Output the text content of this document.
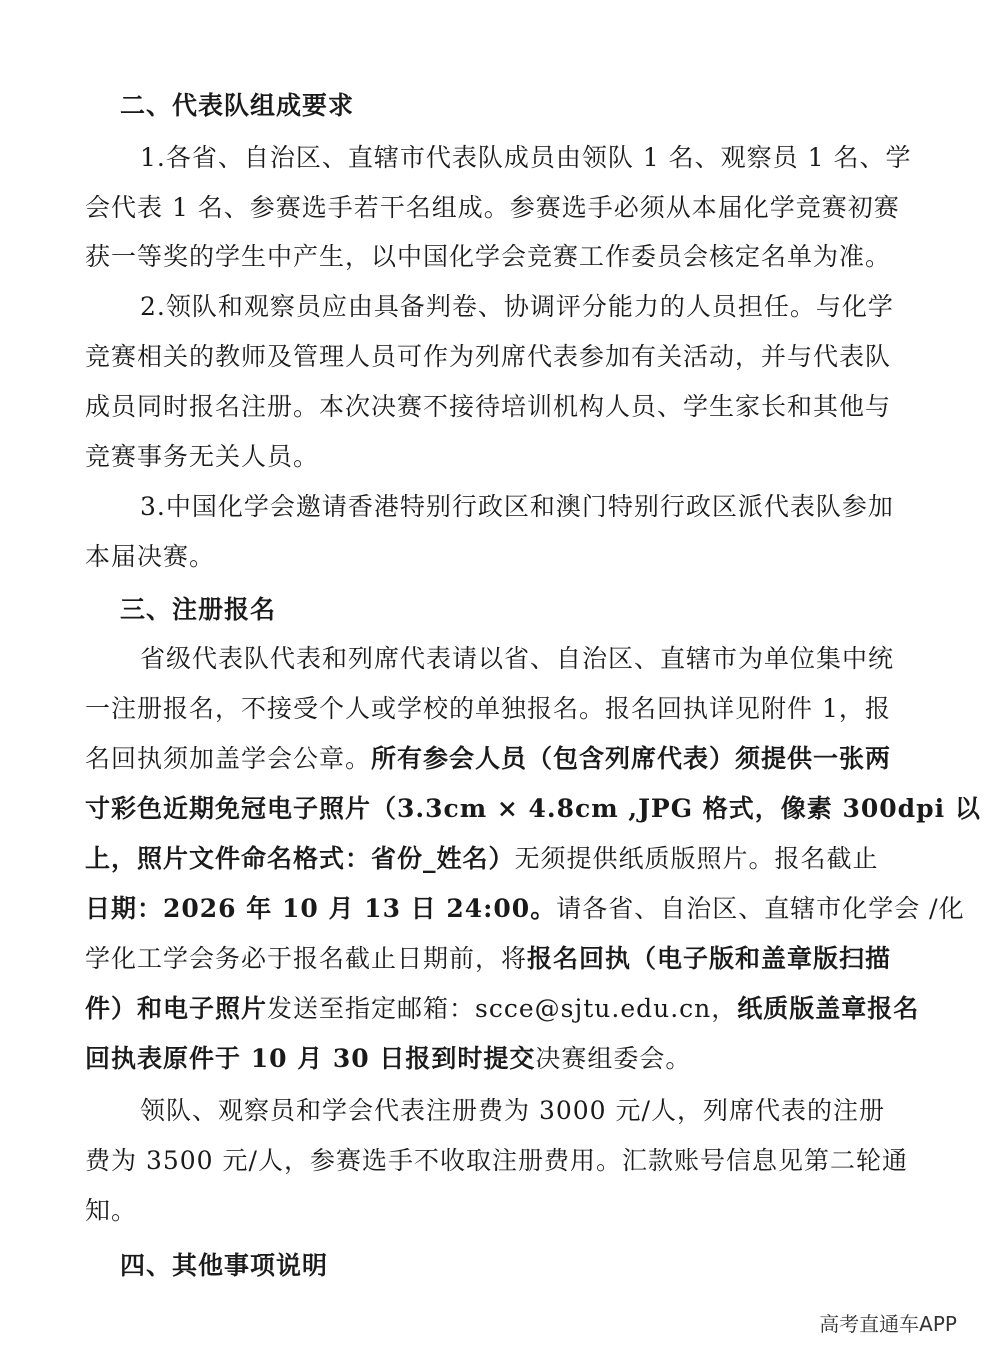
二、代表队组成要求
1.各省、自治区、直辖市代表队成员由领队 1 名、观察员 1 名、学
会代表 1 名、参赛选手若干名组成。参赛选手必须从本届化学竞赛初赛
获一等奖的学生中产生，以中国化学会竞赛工作委员会核定名单为准。
2.领队和观察员应由具备判卷、协调评分能力的人员担任。与化学
竞赛相关的教师及管理人员可作为列席代表参加有关活动，并与代表队
成员同时报名注册。本次决赛不接待培训机构人员、学生家长和其他与
竞赛事务无关人员。
3.中国化学会邀请香港特别行政区和澳门特别行政区派代表队参加
本届决赛。
三、注册报名
省级代表队代表和列席代表请以省、自治区、直辖市为单位集中统
一注册报名，不接受个人或学校的单独报名。报名回执详见附件 1，报
名回执须加盖学会公章。所有参会人员（包含列席代表）须提供一张两
寸彩色近期免冠电子照片（3.3cm × 4.8cm ,JPG 格式，像素 300dpi 以
上，照片文件命名格式：省份_姓名）无须提供纸质版照片。报名截止
日期：2026 年 10 月 13 日 24:00。请各省、自治区、直辖市化学会 /化
学化工学会务必于报名截止日期前，将报名回执（电子版和盖章版扫描
件）和电子照片发送至指定邮箱：scce@sjtu.edu.cn，纸质版盖章报名
回执表原件于 10 月 30 日报到时提交决赛组委会。
领队、观察员和学会代表注册费为 3000 元/人，列席代表的注册
费为 3500 元/人，参赛选手不收取注册费用。汇款账号信息见第二轮通
知。
四、其他事项说明
高考直通车APP
